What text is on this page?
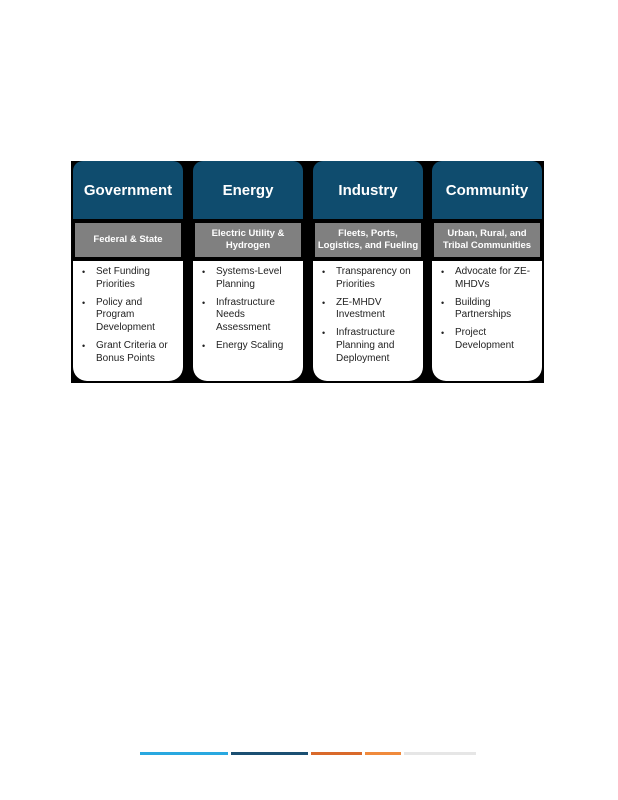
Government
Federal & State
• Set Funding Priorities
• Policy and Program Development
• Grant Criteria or Bonus Points
Energy
Electric Utility & Hydrogen
• Systems-Level Planning
• Infrastructure Needs Assessment
• Energy Scaling
Industry
Fleets, Ports, Logistics, and Fueling
• Transparency on Priorities
• ZE-MHDV Investment
• Infrastructure Planning and Deployment
Community
Urban, Rural, and Tribal Communities
• Advocate for ZE-MHDVs
• Building Partnerships
• Project Development
